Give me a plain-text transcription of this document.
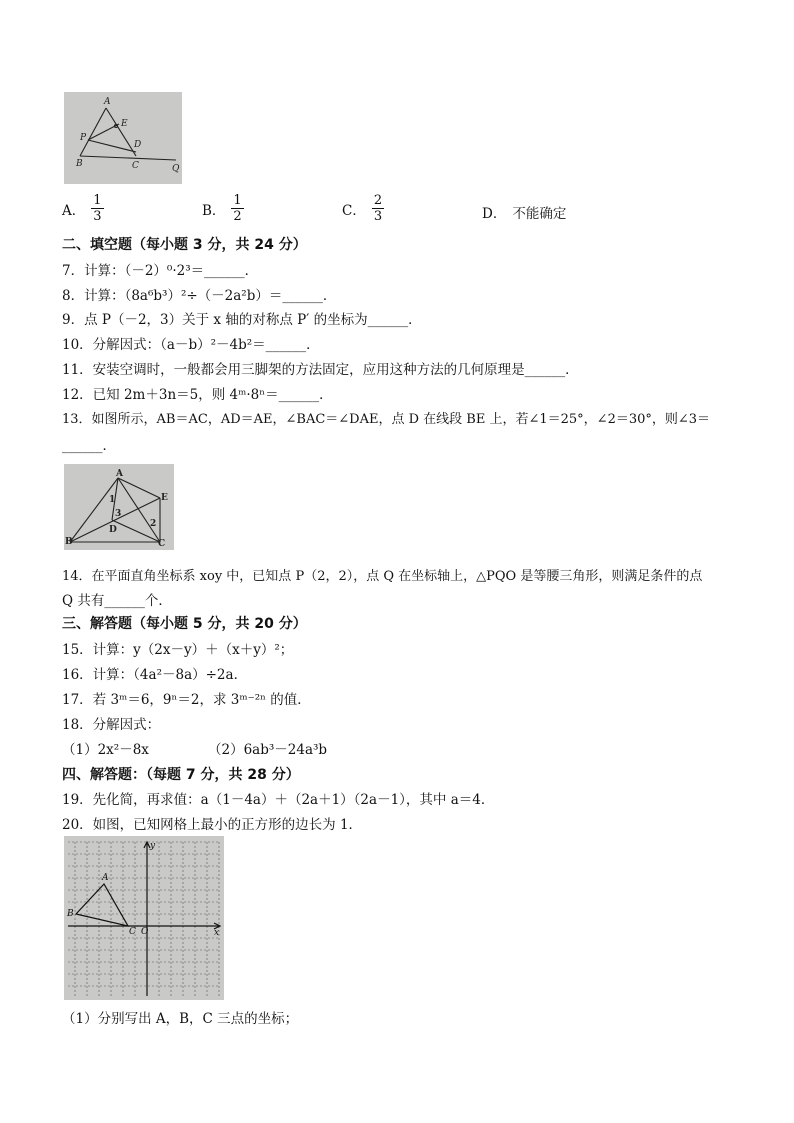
A
E
P
D
B	C	Q
A． $\frac{1}{3}$	B． $\frac{1}{2}$	C． $\frac{2}{3}$	D． 不能确定
二、填空题（每小题 3 分，共 24 分）
7．计算：（－2）⁰·2³＝______．
8．计算：（8a⁶b³）²÷（－2a²b）＝______．
9．点 P（－2，3）关于 x 轴的对称点 P′ 的坐标为______．
10．分解因式：（a－b）²－4b²＝______．
11．安装空调时，一般都会用三脚架的方法固定，应用这种方法的几何原理是______．
12．已知 2m＋3n＝5，则 4ᵐ·8ⁿ＝______．
13．如图所示，AB＝AC，AD＝AE，∠BAC＝∠DAE，点 D 在线段 BE 上，若∠1＝25°，∠2＝30°，则∠3＝
______．
A
E
1
3
2
B
D
C
14．在平面直角坐标系 xoy 中，已知点 P（2，2），点 Q 在坐标轴上，△PQO 是等腰三角形，则满足条件的点
Q 共有______个．
三、解答题（每小题 5 分，共 20 分）
15．计算：y（2x－y）＋（x＋y）²；
16．计算：（4a²－8a）÷2a．
17．若 3ᵐ＝6，9ⁿ＝2，求 3ᵐ⁻²ⁿ 的值．
18．分解因式：
（1）2x²－8x	（2）6ab³－24a³b
四、解答题：（每题 7 分，共 28 分）
19．先化简，再求值：a（1－4a）＋（2a＋1）（2a－1），其中 a＝4．
20．如图，已知网格上最小的正方形的边长为 1．
y
A
B
C O	x
（1）分别写出 A，B，C 三点的坐标；
